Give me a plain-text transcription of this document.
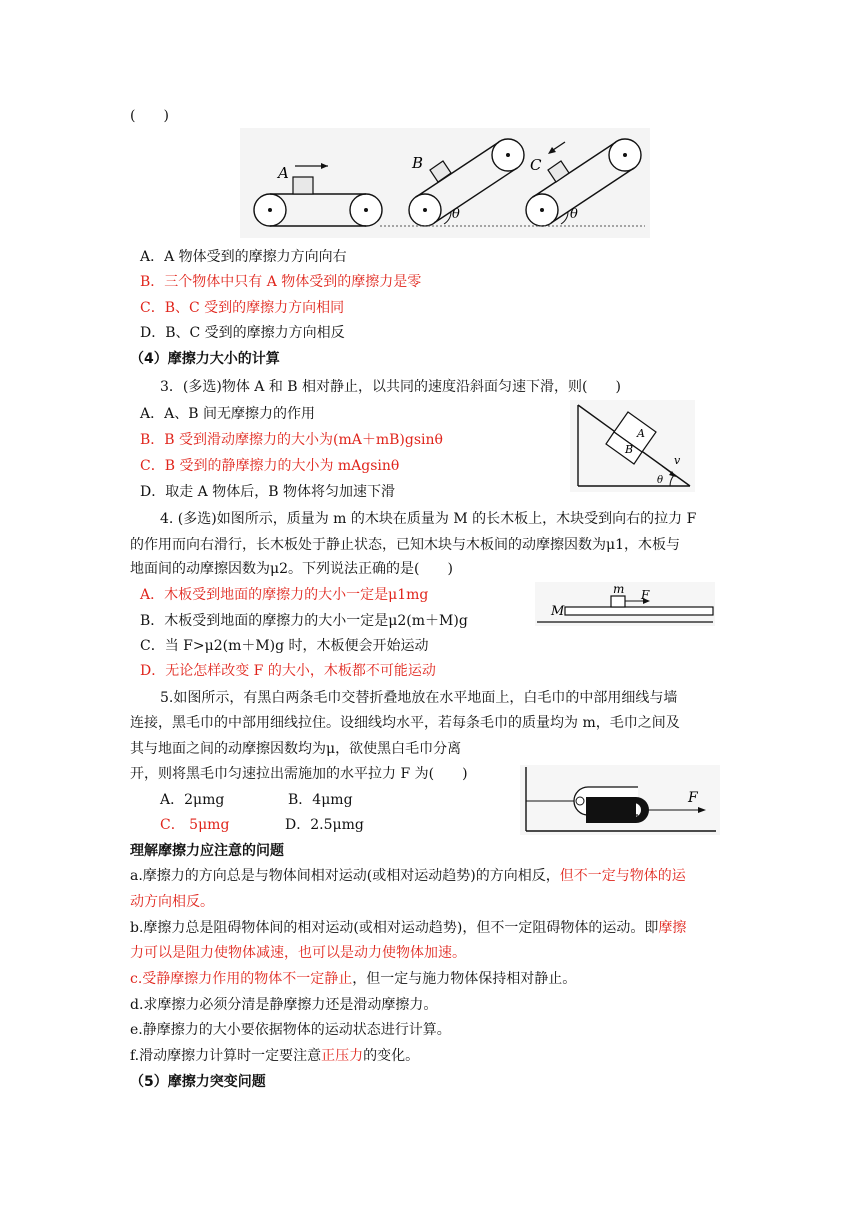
(　　)
A
B
θ
C
θ
A．A 物体受到的摩擦力方向向右
B．三个物体中只有 A 物体受到的摩擦力是零
C．B、C 受到的摩擦力方向相同
D．B、C 受到的摩擦力方向相反
（4）摩擦力大小的计算
3．(多选)物体 A 和 B 相对静止，以共同的速度沿斜面匀速下滑，则(　　)
A．A、B 间无摩擦力的作用
B．B 受到滑动摩擦力的大小为(mA＋mB)gsinθ
C．B 受到的静摩擦力的大小为 mAgsinθ
D．取走 A 物体后，B 物体将匀加速下滑
A
B
v
θ
4. (多选)如图所示，质量为 m 的木块在质量为 M 的长木板上，木块受到向右的拉力 F
的作用而向右滑行，长木板处于静止状态，已知木块与木板间的动摩擦因数为μ1，木板与
地面间的动摩擦因数为μ2。下列说法正确的是(　　)
A．木板受到地面的摩擦力的大小一定是μ1mg
B．木板受到地面的摩擦力的大小一定是μ2(m＋M)g
C．当 F>μ2(m＋M)g 时，木板便会开始运动
D．无论怎样改变 F 的大小，木板都不可能运动
m
M
F
5.如图所示，有黑白两条毛巾交替折叠地放在水平地面上，白毛巾的中部用细线与墙
连接，黑毛巾的中部用细线拉住。设细线均水平，若每条毛巾的质量均为 m，毛巾之间及
其与地面之间的动摩擦因数均为μ，欲使黑白毛巾分离
开，则将黑毛巾匀速拉出需施加的水平拉力 F 为(　　)
A．2μmg	B．4μmg
C． 5μmg	D．2.5μmg
F
理解摩擦力应注意的问题
a.摩擦力的方向总是与物体间相对运动(或相对运动趋势)的方向相反，但不一定与物体的运
动方向相反。
b.摩擦力总是阻碍物体间的相对运动(或相对运动趋势)，但不一定阻碍物体的运动。即摩擦
力可以是阻力使物体减速，也可以是动力使物体加速。
c.受静摩擦力作用的物体不一定静止，但一定与施力物体保持相对静止。
d.求摩擦力必须分清是静摩擦力还是滑动摩擦力。
e.静摩擦力的大小要依据物体的运动状态进行计算。
f.滑动摩擦力计算时一定要注意正压力的变化。
（5）摩擦力突变问题
